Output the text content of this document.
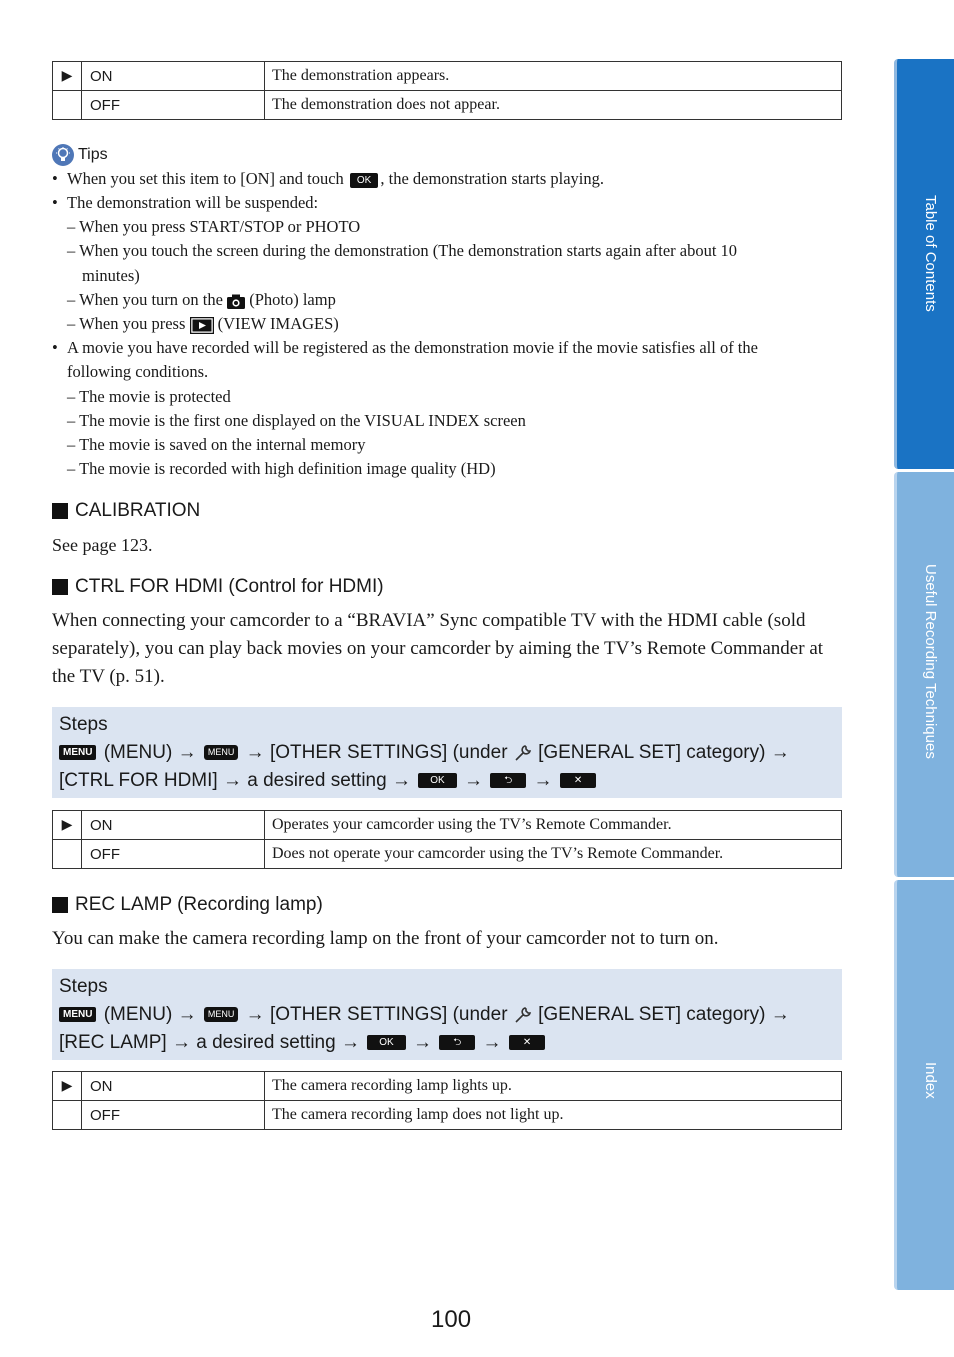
▶	ON	The demonstration appears.
	OFF	The demonstration does not appear.
Tips
• When you set this item to [ON] and touch OK , the demonstration starts playing.
• The demonstration will be suspended:
– When you press START/STOP or PHOTO
– When you touch the screen during the demonstration (The demonstration starts again after about 10
minutes)
– When you turn on the (Photo) lamp
– When you press (VIEW IMAGES)
• A movie you have recorded will be registered as the demonstration movie if the movie satisfies all of the
following conditions.
– The movie is protected
– The movie is the first one displayed on the VISUAL INDEX screen
– The movie is saved on the internal memory
– The movie is recorded with high definition image quality (HD)
CALIBRATION
See page 123.
CTRL FOR HDMI (Control for HDMI)
When connecting your camcorder to a “BRAVIA” Sync compatible TV with the HDMI cable (sold separately), you can play back movies on your camcorder by aiming the TV’s Remote Commander at the TV (p. 51).
Steps
MENU (MENU) → MENU → [OTHER SETTINGS] (under [GENERAL SET] category) →
[CTRL FOR HDMI] → a desired setting → OK → ⮌ → ✕
▶	ON	Operates your camcorder using the TV’s Remote Commander.
	OFF	Does not operate your camcorder using the TV’s Remote Commander.
REC LAMP (Recording lamp)
You can make the camera recording lamp on the front of your camcorder not to turn on.
Steps
MENU (MENU) → MENU → [OTHER SETTINGS] (under [GENERAL SET] category) →
[REC LAMP] → a desired setting → OK → ⮌ → ✕
▶	ON	The camera recording lamp lights up.
	OFF	The camera recording lamp does not light up.
Table of Contents
Useful Recording Techniques
Index
100
